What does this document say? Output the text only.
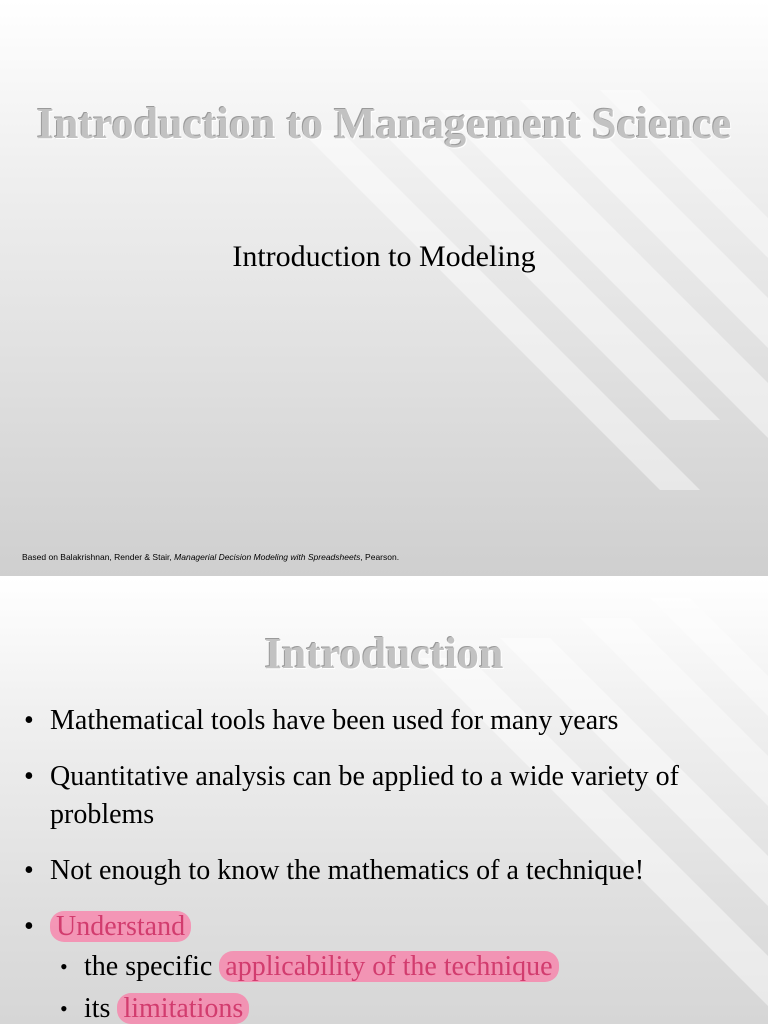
Introduction to Management Science
Introduction to Modeling
Based on Balakrishnan, Render & Stair, Managerial Decision Modeling with Spreadsheets, Pearson.
Introduction
• Mathematical tools have been used for many years
• Quantitative analysis can be applied to a wide variety of problems
• Not enough to know the mathematics of a technique!
• Understand
• the specific applicability of the technique
• its limitations
